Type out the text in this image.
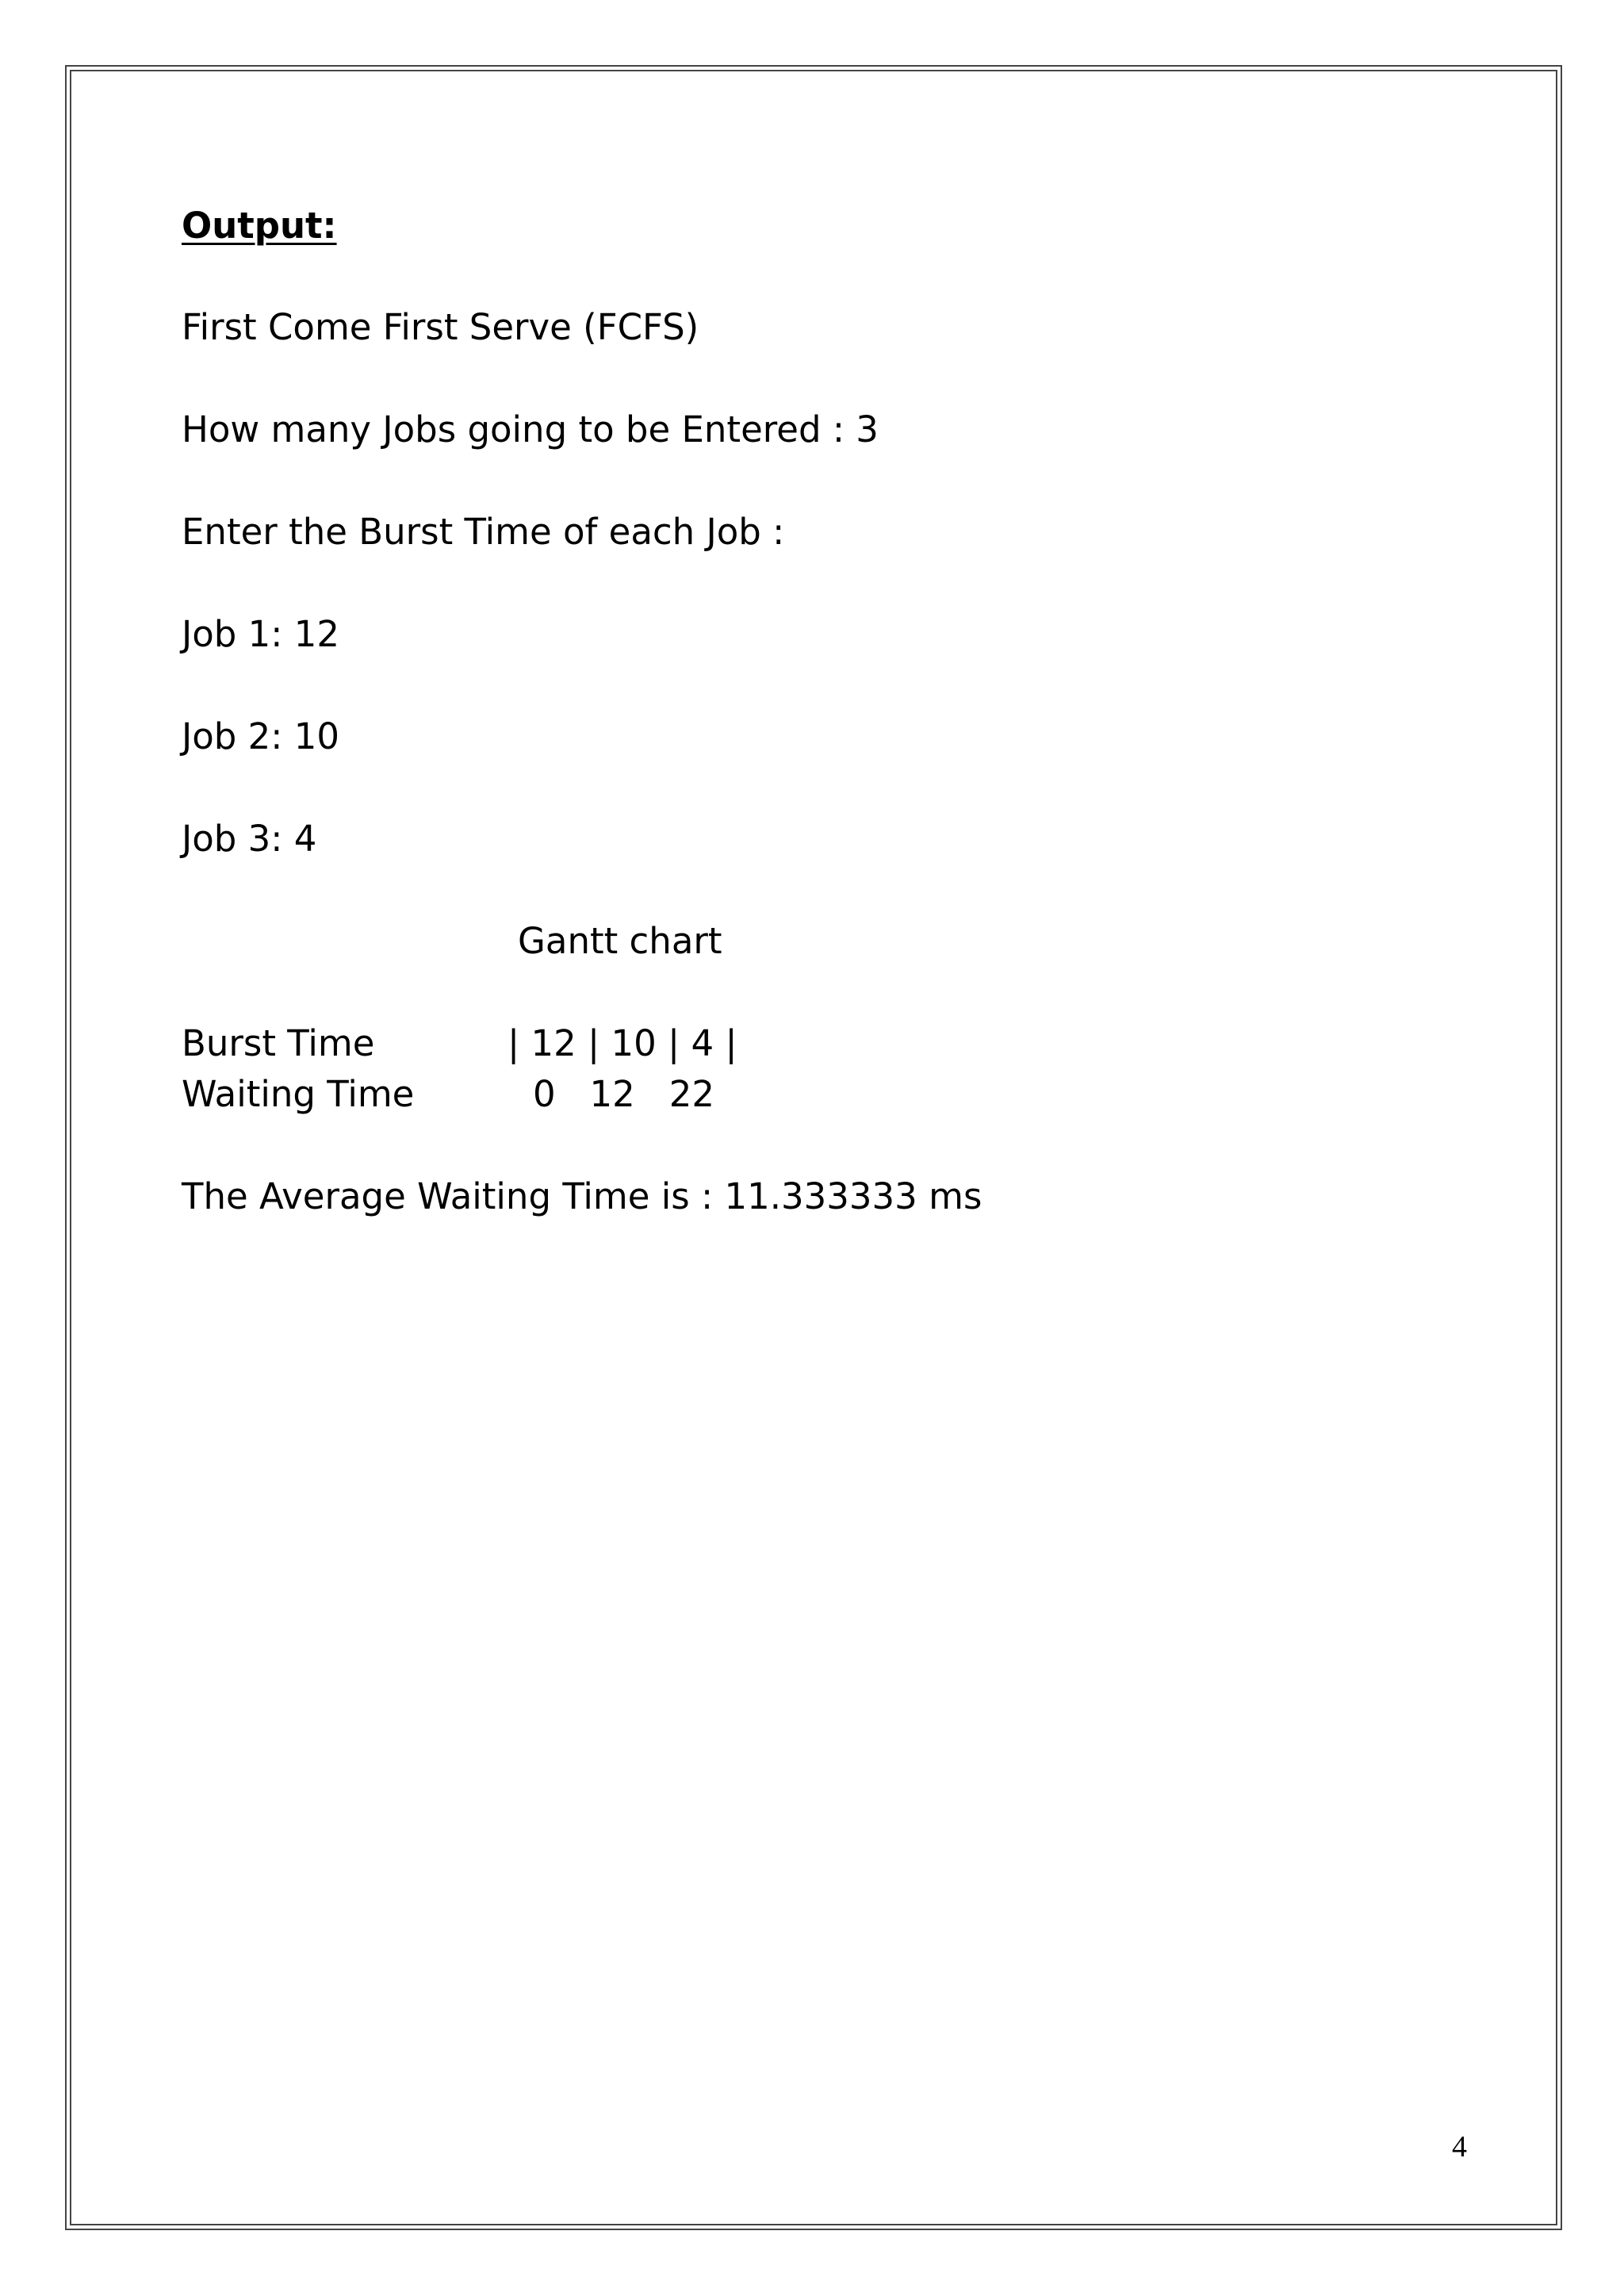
Output:
First Come First Serve (FCFS)
How many Jobs going to be Entered : 3
Enter the Burst Time of each Job :
Job 1: 12
Job 2: 10
Job 3: 4
Gantt chart
Burst Time	| 12 | 10 | 4 |
Waiting Time	0   12   22
The Average Waiting Time is : 11.333333 ms
4
